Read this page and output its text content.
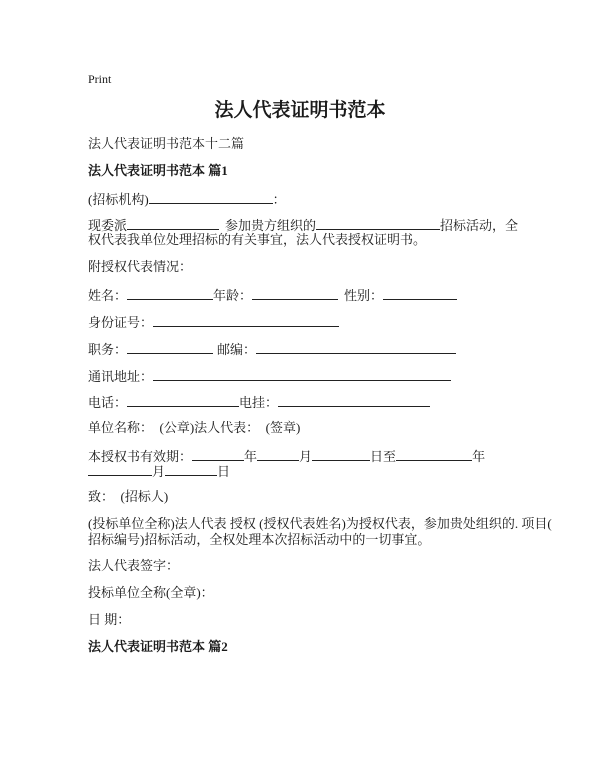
Print
法人代表证明书范本
法人代表证明书范本十二篇
法人代表证明书范本 篇1
(招标机构)	：
现委派	参加贵方组织的	招标活动，全
权代表我单位处理招标的有关事宜，法人代表授权证明书。
附授权代表情况：
姓名：	年龄：	性别：
身份证号：
职务：	邮编：
通讯地址：
电话：	电挂：
单位名称：  (公章)法人代表：  (签章)
本授权书有效期：	年	月	日至	年
月	日
致：  (招标人)
(投标单位全称)法人代表 授权 (授权代表姓名)为授权代表，参加贵处组织的. 项目(
招标编号)招标活动，全权处理本次招标活动中的一切事宜。
法人代表签字：
投标单位全称(全章)：
日 期：
法人代表证明书范本 篇2
